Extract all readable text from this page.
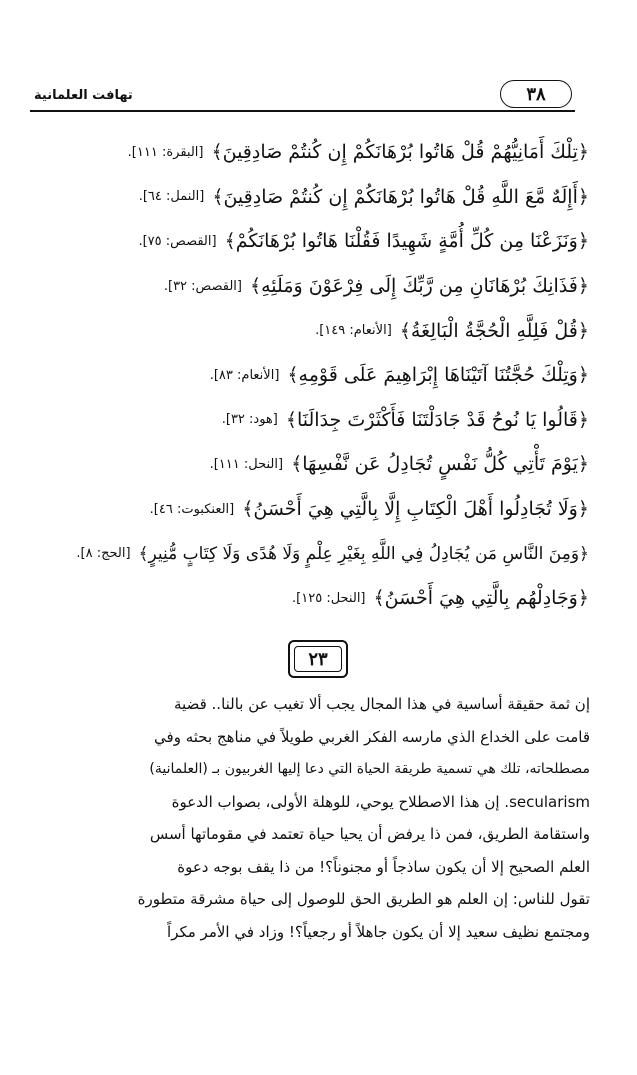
٣٨
تهافت العلمانية
﴿تِلْكَ أَمَانِيُّهُمْ قُلْ هَاتُوا بُرْهَانَكُمْ إِن كُنتُمْ صَادِقِينَ﴾
[البقرة: ١١١].
﴿أَإِلَهٌ مَّعَ اللَّهِ قُلْ هَاتُوا بُرْهَانَكُمْ إِن كُنتُمْ صَادِقِينَ﴾
[النمل: ٦٤].
﴿وَنَزَعْنَا مِن كُلِّ أُمَّةٍ شَهِيدًا فَقُلْنَا هَاتُوا بُرْهَانَكُمْ﴾
[القصص: ٧٥].
﴿فَذَانِكَ بُرْهَانَانِ مِن رَّبِّكَ إِلَى فِرْعَوْنَ وَمَلَئِهِ﴾
[القصص: ٣٢].
﴿قُلْ فَلِلَّهِ الْحُجَّةُ الْبَالِغَةُ﴾
[الأنعام: ١٤٩].
﴿وَتِلْكَ حُجَّتُنَا آتَيْنَاهَا إِبْرَاهِيمَ عَلَى قَوْمِهِ﴾
[الأنعام: ٨٣].
﴿قَالُوا يَا نُوحُ قَدْ جَادَلْتَنَا فَأَكْثَرْتَ جِدَالَنَا﴾
[هود: ٣٢].
﴿يَوْمَ تَأْتِي كُلُّ نَفْسٍ تُجَادِلُ عَن نَّفْسِهَا﴾
[النحل: ١١١].
﴿وَلَا تُجَادِلُوا أَهْلَ الْكِتَابِ إِلَّا بِالَّتِي هِيَ أَحْسَنُ﴾
[العنكبوت: ٤٦].
﴿وَمِنَ النَّاسِ مَن يُجَادِلُ فِي اللَّهِ بِغَيْرِ عِلْمٍ وَلَا هُدًى وَلَا كِتَابٍ مُّنِيرٍ﴾
[الحج: ٨].
﴿وَجَادِلْهُم بِالَّتِي هِيَ أَحْسَنُ﴾
[النحل: ١٢٥].
٢٣
إن ثمة حقيقة أساسية في هذا المجال يجب ألا تغيب عن بالنا.. قضية
قامت على الخداع الذي مارسه الفكر الغربي طويلاً في مناهج بحثه وفي
مصطلحاته، تلك هي تسمية طريقة الحياة التي دعا إليها الغربيون بـ (العلمانية)
secularism. إن هذا الاصطلاح يوحي، للوهلة الأولى، بصواب الدعوة
واستقامة الطريق، فمن ذا يرفض أن يحيا حياة تعتمد في مقوماتها أسس
العلم الصحيح إلا أن يكون ساذجاً أو مجنوناً؟! من ذا يقف بوجه دعوة
تقول للناس: إن العلم هو الطريق الحق للوصول إلى حياة مشرقة متطورة
ومجتمع نظيف سعيد إلا أن يكون جاهلاً أو رجعياً؟! وزاد في الأمر مكراً
